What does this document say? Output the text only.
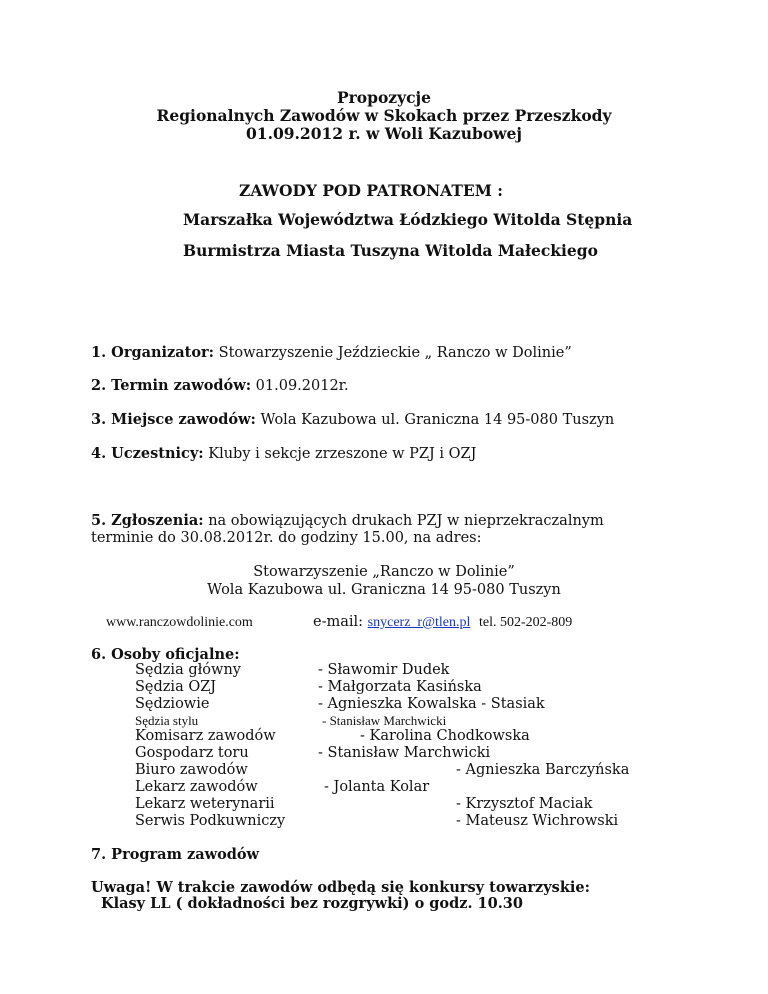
Propozycje
Regionalnych Zawodów w Skokach przez Przeszkody
01.09.2012 r. w Woli Kazubowej
ZAWODY POD PATRONATEM :
Marszałka Województwa Łódzkiego Witolda Stępnia
Burmistrza Miasta Tuszyna Witolda Małeckiego
1. Organizator: Stowarzyszenie Jeździeckie „ Ranczo w Dolinie”
2. Termin zawodów: 01.09.2012r.
3. Miejsce zawodów: Wola Kazubowa ul. Graniczna 14 95-080 Tuszyn
4. Uczestnicy: Kluby i sekcje zrzeszone w PZJ i OZJ
5. Zgłoszenia: na obowiązujących drukach PZJ w nieprzekraczalnym
terminie do 30.08.2012r. do godziny 15.00, na adres:
Stowarzyszenie „Ranczo w Dolinie”
Wola Kazubowa ul. Graniczna 14 95-080 Tuszyn
www.ranczowdolinie.com	e-mail: snycerz_r@tlen.pl tel. 502-202-809
6. Osoby oficjalne:
Sędzia główny	- Sławomir Dudek
Sędzia OZJ	- Małgorzata Kasińska
Sędziowie	- Agnieszka Kowalska - Stasiak
Sędzia stylu	- Stanisław Marchwicki
Komisarz zawodów	- Karolina Chodkowska
Gospodarz toru	- Stanisław Marchwicki
Biuro zawodów	- Agnieszka Barczyńska
Lekarz zawodów	- Jolanta Kolar
Lekarz weterynarii	- Krzysztof Maciak
Serwis Podkuwniczy	- Mateusz Wichrowski
7. Program zawodów
Uwaga! W trakcie zawodów odbędą się konkursy towarzyskie:
Klasy LL ( dokładności bez rozgrywki) o godz. 10.30
